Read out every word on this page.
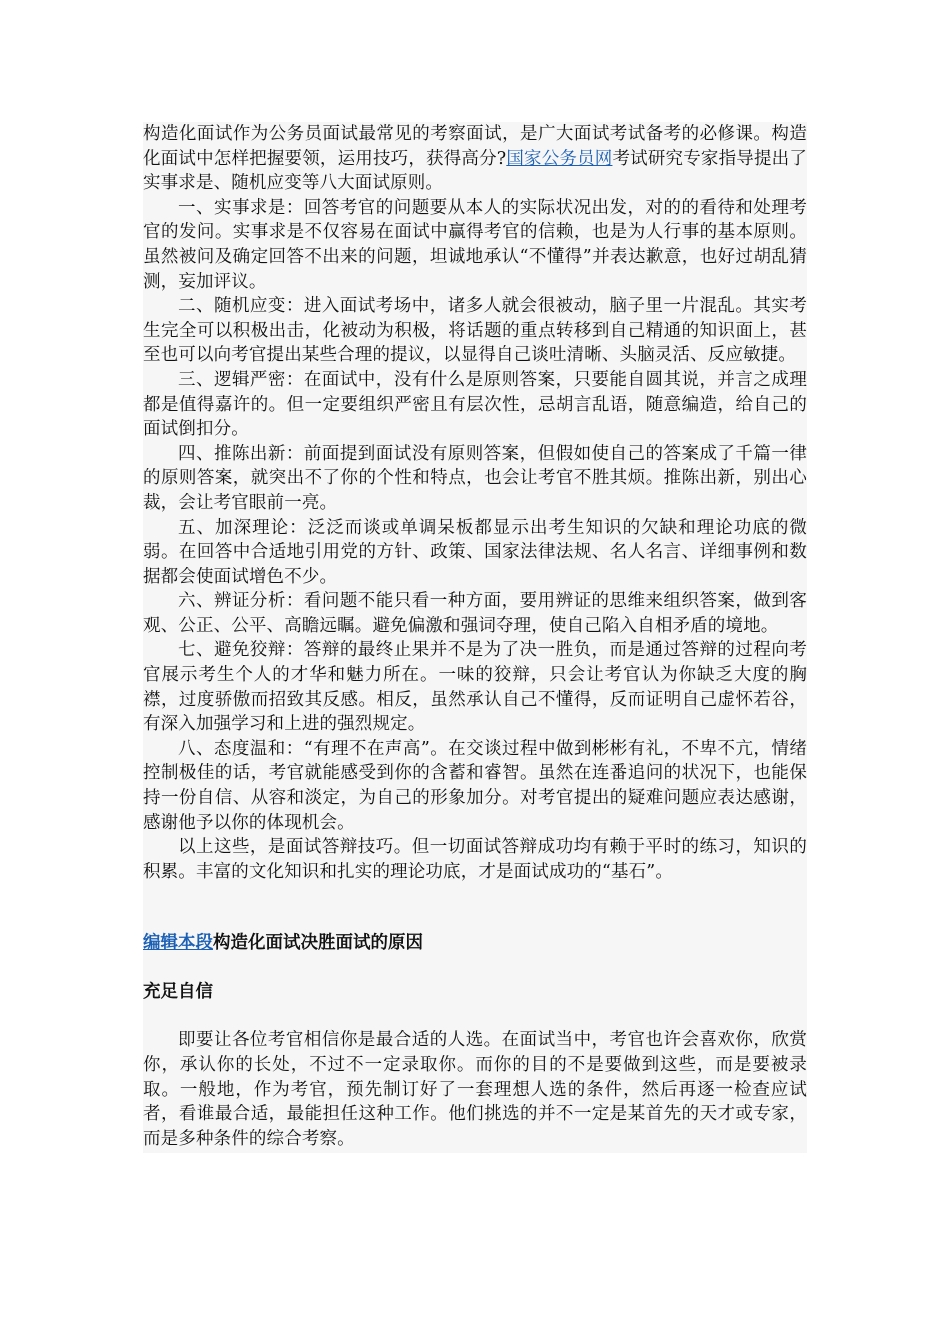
构造化面试作为公务员面试最常见的考察面试，是广大面试考试备考的必修课。构造化面试中怎样把握要领，运用技巧，获得高分?国家公务员网考试研究专家指导提出了实事求是、随机应变等八大面试原则。

一、实事求是：回答考官的问题要从本人的实际状况出发，对的的看待和处理考官的发问。实事求是不仅容易在面试中赢得考官的信赖，也是为人行事的基本原则。虽然被问及确定回答不出来的问题，坦诚地承认“不懂得”并表达歉意，也好过胡乱猜测，妄加评议。

二、随机应变：进入面试考场中，诸多人就会很被动，脑子里一片混乱。其实考生完全可以积极出击，化被动为积极，将话题的重点转移到自己精通的知识面上，甚至也可以向考官提出某些合理的提议，以显得自己谈吐清晰、头脑灵活、反应敏捷。

三、逻辑严密：在面试中，没有什么是原则答案，只要能自圆其说，并言之成理都是值得嘉许的。但一定要组织严密且有层次性，忌胡言乱语，随意编造，给自己的面试倒扣分。

四、推陈出新：前面提到面试没有原则答案，但假如使自己的答案成了千篇一律的原则答案，就突出不了你的个性和特点，也会让考官不胜其烦。推陈出新，别出心裁，会让考官眼前一亮。

五、加深理论：泛泛而谈或单调呆板都显示出考生知识的欠缺和理论功底的微弱。在回答中合适地引用党的方针、政策、国家法律法规、名人名言、详细事例和数据都会使面试增色不少。

六、辨证分析：看问题不能只看一种方面，要用辨证的思维来组织答案，做到客观、公正、公平、高瞻远瞩。避免偏激和强词夺理，使自己陷入自相矛盾的境地。

七、避免狡辩：答辩的最终止果并不是为了决一胜负，而是通过答辩的过程向考官展示考生个人的才华和魅力所在。一味的狡辩，只会让考官认为你缺乏大度的胸襟，过度骄傲而招致其反感。相反，虽然承认自己不懂得，反而证明自己虚怀若谷，有深入加强学习和上进的强烈规定。

八、态度温和：“有理不在声高”。在交谈过程中做到彬彬有礼，不卑不亢，情绪控制极佳的话，考官就能感受到你的含蓄和睿智。虽然在连番追问的状况下，也能保持一份自信、从容和淡定，为自己的形象加分。对考官提出的疑难问题应表达感谢，感谢他予以你的体现机会。

以上这些，是面试答辩技巧。但一切面试答辩成功均有赖于平时的练习，知识的积累。丰富的文化知识和扎实的理论功底，才是面试成功的“基石”。

编辑本段构造化面试决胜面试的原因
充足自信

即要让各位考官相信你是最合适的人选。在面试当中，考官也许会喜欢你，欣赏你，承认你的长处，不过不一定录取你。而你的目的不是要做到这些，而是要被录取。一般地，作为考官，预先制订好了一套理想人选的条件，然后再逐一检查应试者，看谁最合适，最能担任这种工作。他们挑选的并不一定是某首先的天才或专家，而是多种条件的综合考察。
